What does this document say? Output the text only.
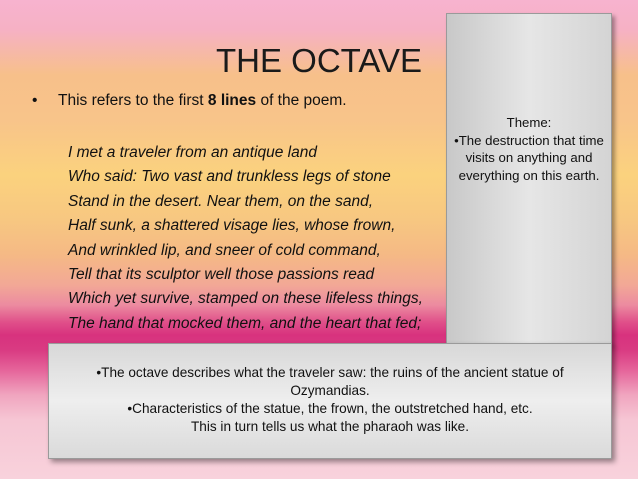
THE OCTAVE
• This refers to the first 8 lines of the poem.
I met a traveler from an antique land
Who said: Two vast and trunkless legs of stone
Stand in the desert. Near them, on the sand,
Half sunk, a shattered visage lies, whose frown,
And wrinkled lip, and sneer of cold command,
Tell that its sculptor well those passions read
Which yet survive, stamped on these lifeless things,
The hand that mocked them, and the heart that fed;
Theme:
•The destruction that time visits on anything and everything on this earth.
•The octave describes what the traveler saw: the ruins of the ancient statue of Ozymandias.
•Characteristics of the statue, the frown, the outstretched hand, etc.
This in turn tells us what the pharaoh was like.
